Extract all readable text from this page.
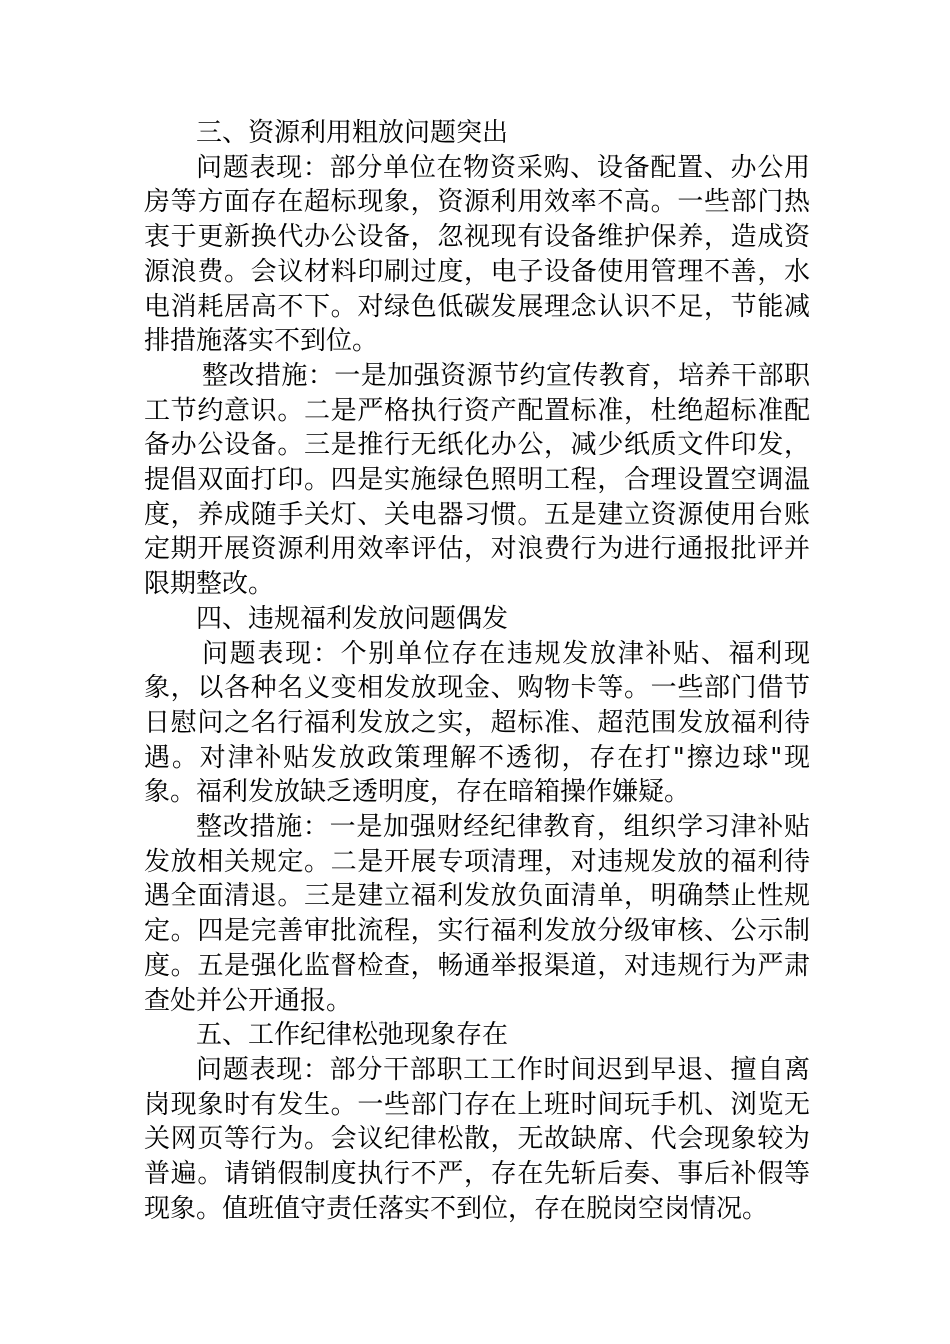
三、资源利用粗放问题突出

问题表现：部分单位在物资采购、设备配置、办公用房等方面存在超标现象，资源利用效率不高。一些部门热衷于更新换代办公设备，忽视现有设备维护保养，造成资源浪费。会议材料印刷过度，电子设备使用管理不善，水电消耗居高不下。对绿色低碳发展理念认识不足，节能减排措施落实不到位。

整改措施：一是加强资源节约宣传教育，培养干部职工节约意识。二是严格执行资产配置标准，杜绝超标准配备办公设备。三是推行无纸化办公，减少纸质文件印发，提倡双面打印。四是实施绿色照明工程，合理设置空调温度，养成随手关灯、关电器习惯。五是建立资源使用台账定期开展资源利用效率评估，对浪费行为进行通报批评并限期整改。

四、违规福利发放问题偶发

问题表现：个别单位存在违规发放津补贴、福利现象，以各种名义变相发放现金、购物卡等。一些部门借节日慰问之名行福利发放之实，超标准、超范围发放福利待遇。对津补贴发放政策理解不透彻，存在打"擦边球"现象。福利发放缺乏透明度，存在暗箱操作嫌疑。

整改措施：一是加强财经纪律教育，组织学习津补贴发放相关规定。二是开展专项清理，对违规发放的福利待遇全面清退。三是建立福利发放负面清单，明确禁止性规定。四是完善审批流程，实行福利发放分级审核、公示制度。五是强化监督检查，畅通举报渠道，对违规行为严肃查处并公开通报。

五、工作纪律松弛现象存在

问题表现：部分干部职工工作时间迟到早退、擅自离岗现象时有发生。一些部门存在上班时间玩手机、浏览无关网页等行为。会议纪律松散，无故缺席、代会现象较为普遍。请销假制度执行不严，存在先斩后奏、事后补假等现象。值班值守责任落实不到位，存在脱岗空岗情况。
